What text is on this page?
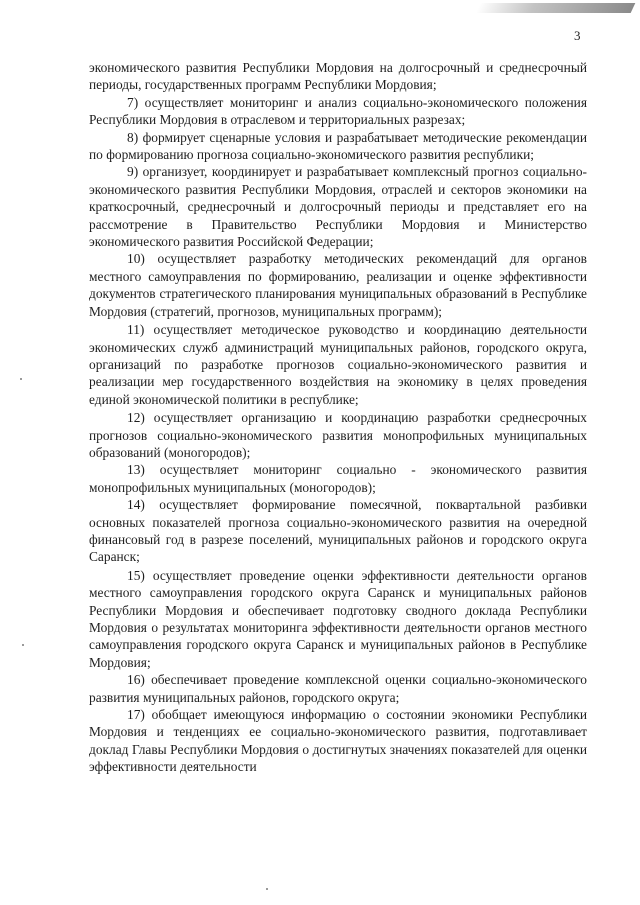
3

экономического развития Республики Мордовия на долгосрочный и среднесрочный периоды, государственных программ Республики Мордовия;

7) осуществляет мониторинг и анализ социально-экономического положения Республики Мордовия в отраслевом и территориальных разрезах;

8) формирует сценарные условия и разрабатывает методические рекомендации по формированию прогноза социально-экономического развития республики;

9) организует, координирует и разрабатывает комплексный прогноз социально-экономического развития Республики Мордовия, отраслей и секторов экономики на краткосрочный, среднесрочный и долгосрочный периоды и представляет его на рассмотрение в Правительство Республики Мордовия и Министерство экономического развития Российской Федерации;

10) осуществляет разработку методических рекомендаций для органов местного самоуправления по формированию, реализации и оценке эффективности документов стратегического планирования муниципальных образований в Республике Мордовия (стратегий, прогнозов, муниципальных программ);

11) осуществляет методическое руководство и координацию деятельности экономических служб администраций муниципальных районов, городского округа, организаций по разработке прогнозов социально-экономического развития и реализации мер государственного воздействия на экономику в целях проведения единой экономической политики в республике;

12) осуществляет организацию и координацию разработки среднесрочных прогнозов социально-экономического развития монопрофильных муниципальных образований (моногородов);

13) осуществляет мониторинг социально - экономического развития монопрофильных муниципальных (моногородов);

14) осуществляет формирование помесячной, поквартальной разбивки основных показателей прогноза социально-экономического развития на очередной финансовый год в разрезе поселений, муниципальных районов и городского округа Саранск;

15) осуществляет проведение оценки эффективности деятельности органов местного самоуправления городского округа Саранск и муниципальных районов Республики Мордовия и обеспечивает подготовку сводного доклада Республики Мордовия о результатах мониторинга эффективности деятельности органов местного самоуправления городского округа Саранск и муниципальных районов в Республике Мордовия;

16) обеспечивает проведение комплексной оценки социально-экономического развития муниципальных районов, городского округа;

17) обобщает имеющуюся информацию о состоянии экономики Республики Мордовия и тенденциях ее социально-экономического развития, подготавливает доклад Главы Республики Мордовия о достигнутых значениях показателей для оценки эффективности деятельности
